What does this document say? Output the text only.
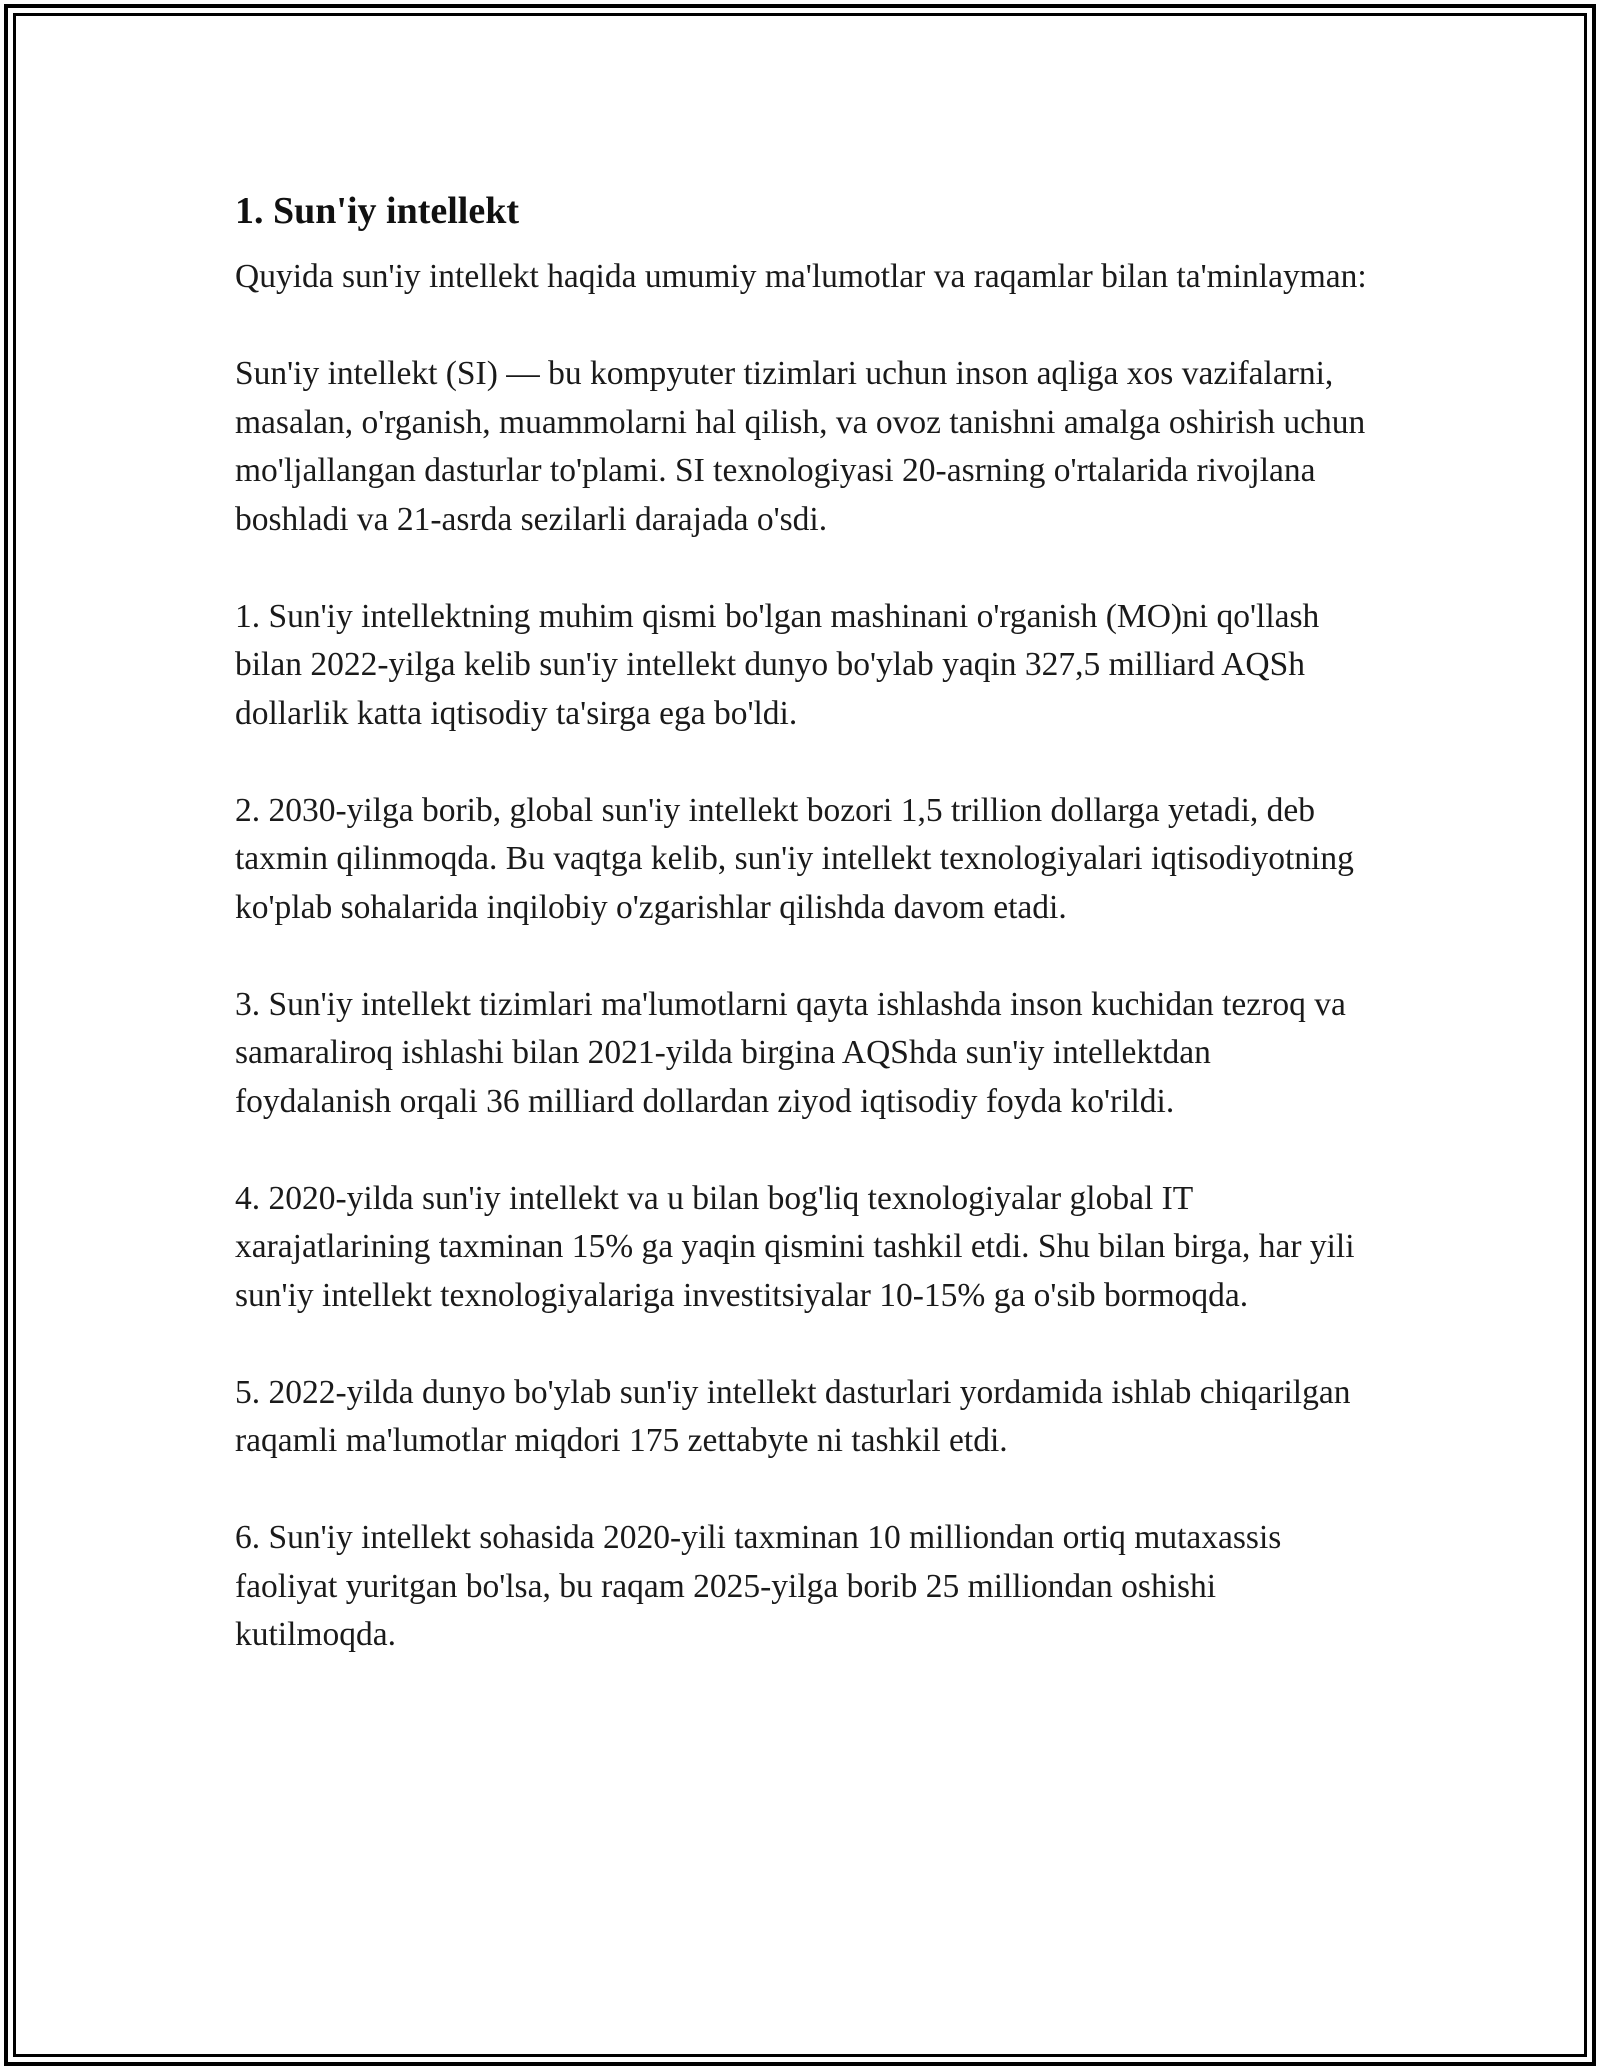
1. Sun'iy intellekt

Quyida sun'iy intellekt haqida umumiy ma'lumotlar va raqamlar bilan ta'minlayman:

Sun'iy intellekt (SI) — bu kompyuter tizimlari uchun inson aqliga xos vazifalarni, masalan, o'rganish, muammolarni hal qilish, va ovoz tanishni amalga oshirish uchun mo'ljallangan dasturlar to'plami. SI texnologiyasi 20-asrning o'rtalarida rivojlana boshladi va 21-asrda sezilarli darajada o'sdi.

1. Sun'iy intellektning muhim qismi bo'lgan mashinani o'rganish (MO)ni qo'llash bilan 2022-yilga kelib sun'iy intellekt dunyo bo'ylab yaqin 327,5 milliard AQSh dollarlik katta iqtisodiy ta'sirga ega bo'ldi.

2. 2030-yilga borib, global sun'iy intellekt bozori 1,5 trillion dollarga yetadi, deb taxmin qilinmoqda. Bu vaqtga kelib, sun'iy intellekt texnologiyalari iqtisodiyotning ko'plab sohalarida inqilobiy o'zgarishlar qilishda davom etadi.

3. Sun'iy intellekt tizimlari ma'lumotlarni qayta ishlashda inson kuchidan tezroq va samaraliroq ishlashi bilan 2021-yilda birgina AQShda sun'iy intellektdan foydalanish orqali 36 milliard dollardan ziyod iqtisodiy foyda ko'rildi.

4. 2020-yilda sun'iy intellekt va u bilan bog'liq texnologiyalar global IT xarajatlarining taxminan 15% ga yaqin qismini tashkil etdi. Shu bilan birga, har yili sun'iy intellekt texnologiyalariga investitsiyalar 10-15% ga o'sib bormoqda.

5. 2022-yilda dunyo bo'ylab sun'iy intellekt dasturlari yordamida ishlab chiqarilgan raqamli ma'lumotlar miqdori 175 zettabyte ni tashkil etdi.

6. Sun'iy intellekt sohasida 2020-yili taxminan 10 milliondan ortiq mutaxassis faoliyat yuritgan bo'lsa, bu raqam 2025-yilga borib 25 milliondan oshishi kutilmoqda.
